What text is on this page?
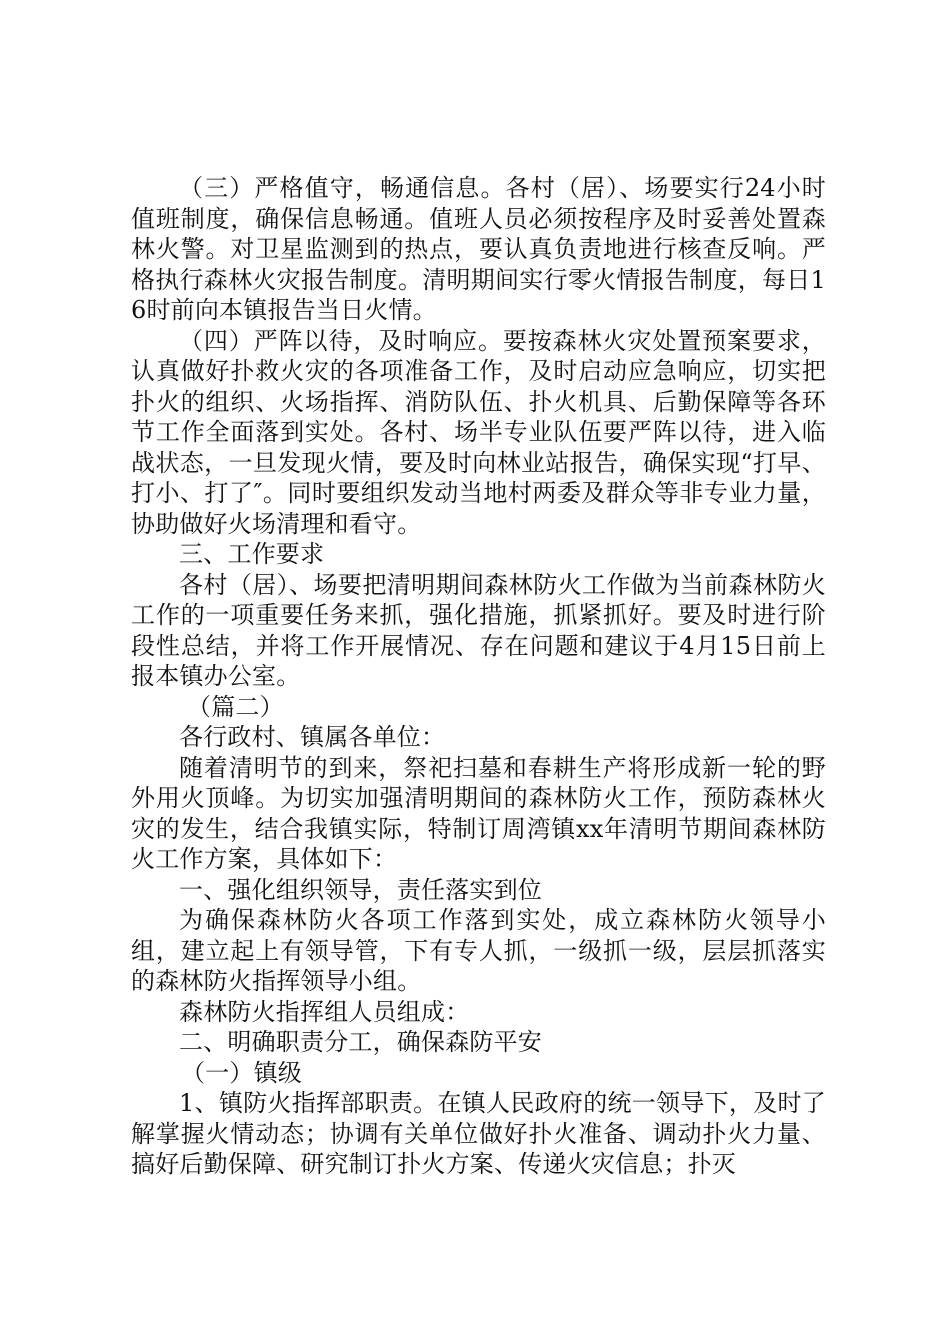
（三）严格值守，畅通信息。各村（居）、场要实行24小时值班制度，确保信息畅通。值班人员必须按程序及时妥善处置森林火警。对卫星监测到的热点，要认真负责地进行核查反响。严格执行森林火灾报告制度。清明期间实行零火情报告制度，每日16时前向本镇报告当日火情。

（四）严阵以待，及时响应。要按森林火灾处置预案要求，认真做好扑救火灾的各项准备工作，及时启动应急响应，切实把扑火的组织、火场指挥、消防队伍、扑火机具、后勤保障等各环节工作全面落到实处。各村、场半专业队伍要严阵以待，进入临战状态，一旦发现火情，要及时向林业站报告，确保实现“打早、打小、打了″。同时要组织发动当地村两委及群众等非专业力量，协助做好火场清理和看守。

三、工作要求

各村（居）、场要把清明期间森林防火工作做为当前森林防火工作的一项重要任务来抓，强化措施，抓紧抓好。要及时进行阶段性总结，并将工作开展情况、存在问题和建议于4月15日前上报本镇办公室。

（篇二）

各行政村、镇属各单位：

随着清明节的到来，祭祀扫墓和春耕生产将形成新一轮的野外用火顶峰。为切实加强清明期间的森林防火工作，预防森林火灾的发生，结合我镇实际，特制订周湾镇xx年清明节期间森林防火工作方案，具体如下：

一、强化组织领导，责任落实到位

为确保森林防火各项工作落到实处，成立森林防火领导小组，建立起上有领导管，下有专人抓，一级抓一级，层层抓落实的森林防火指挥领导小组。

森林防火指挥组人员组成：

二、明确职责分工，确保森防平安

（一）镇级

1、镇防火指挥部职责。在镇人民政府的统一领导下，及时了解掌握火情动态；协调有关单位做好扑火准备、调动扑火力量、搞好后勤保障、研究制订扑火方案、传递火灾信息；扑灭
